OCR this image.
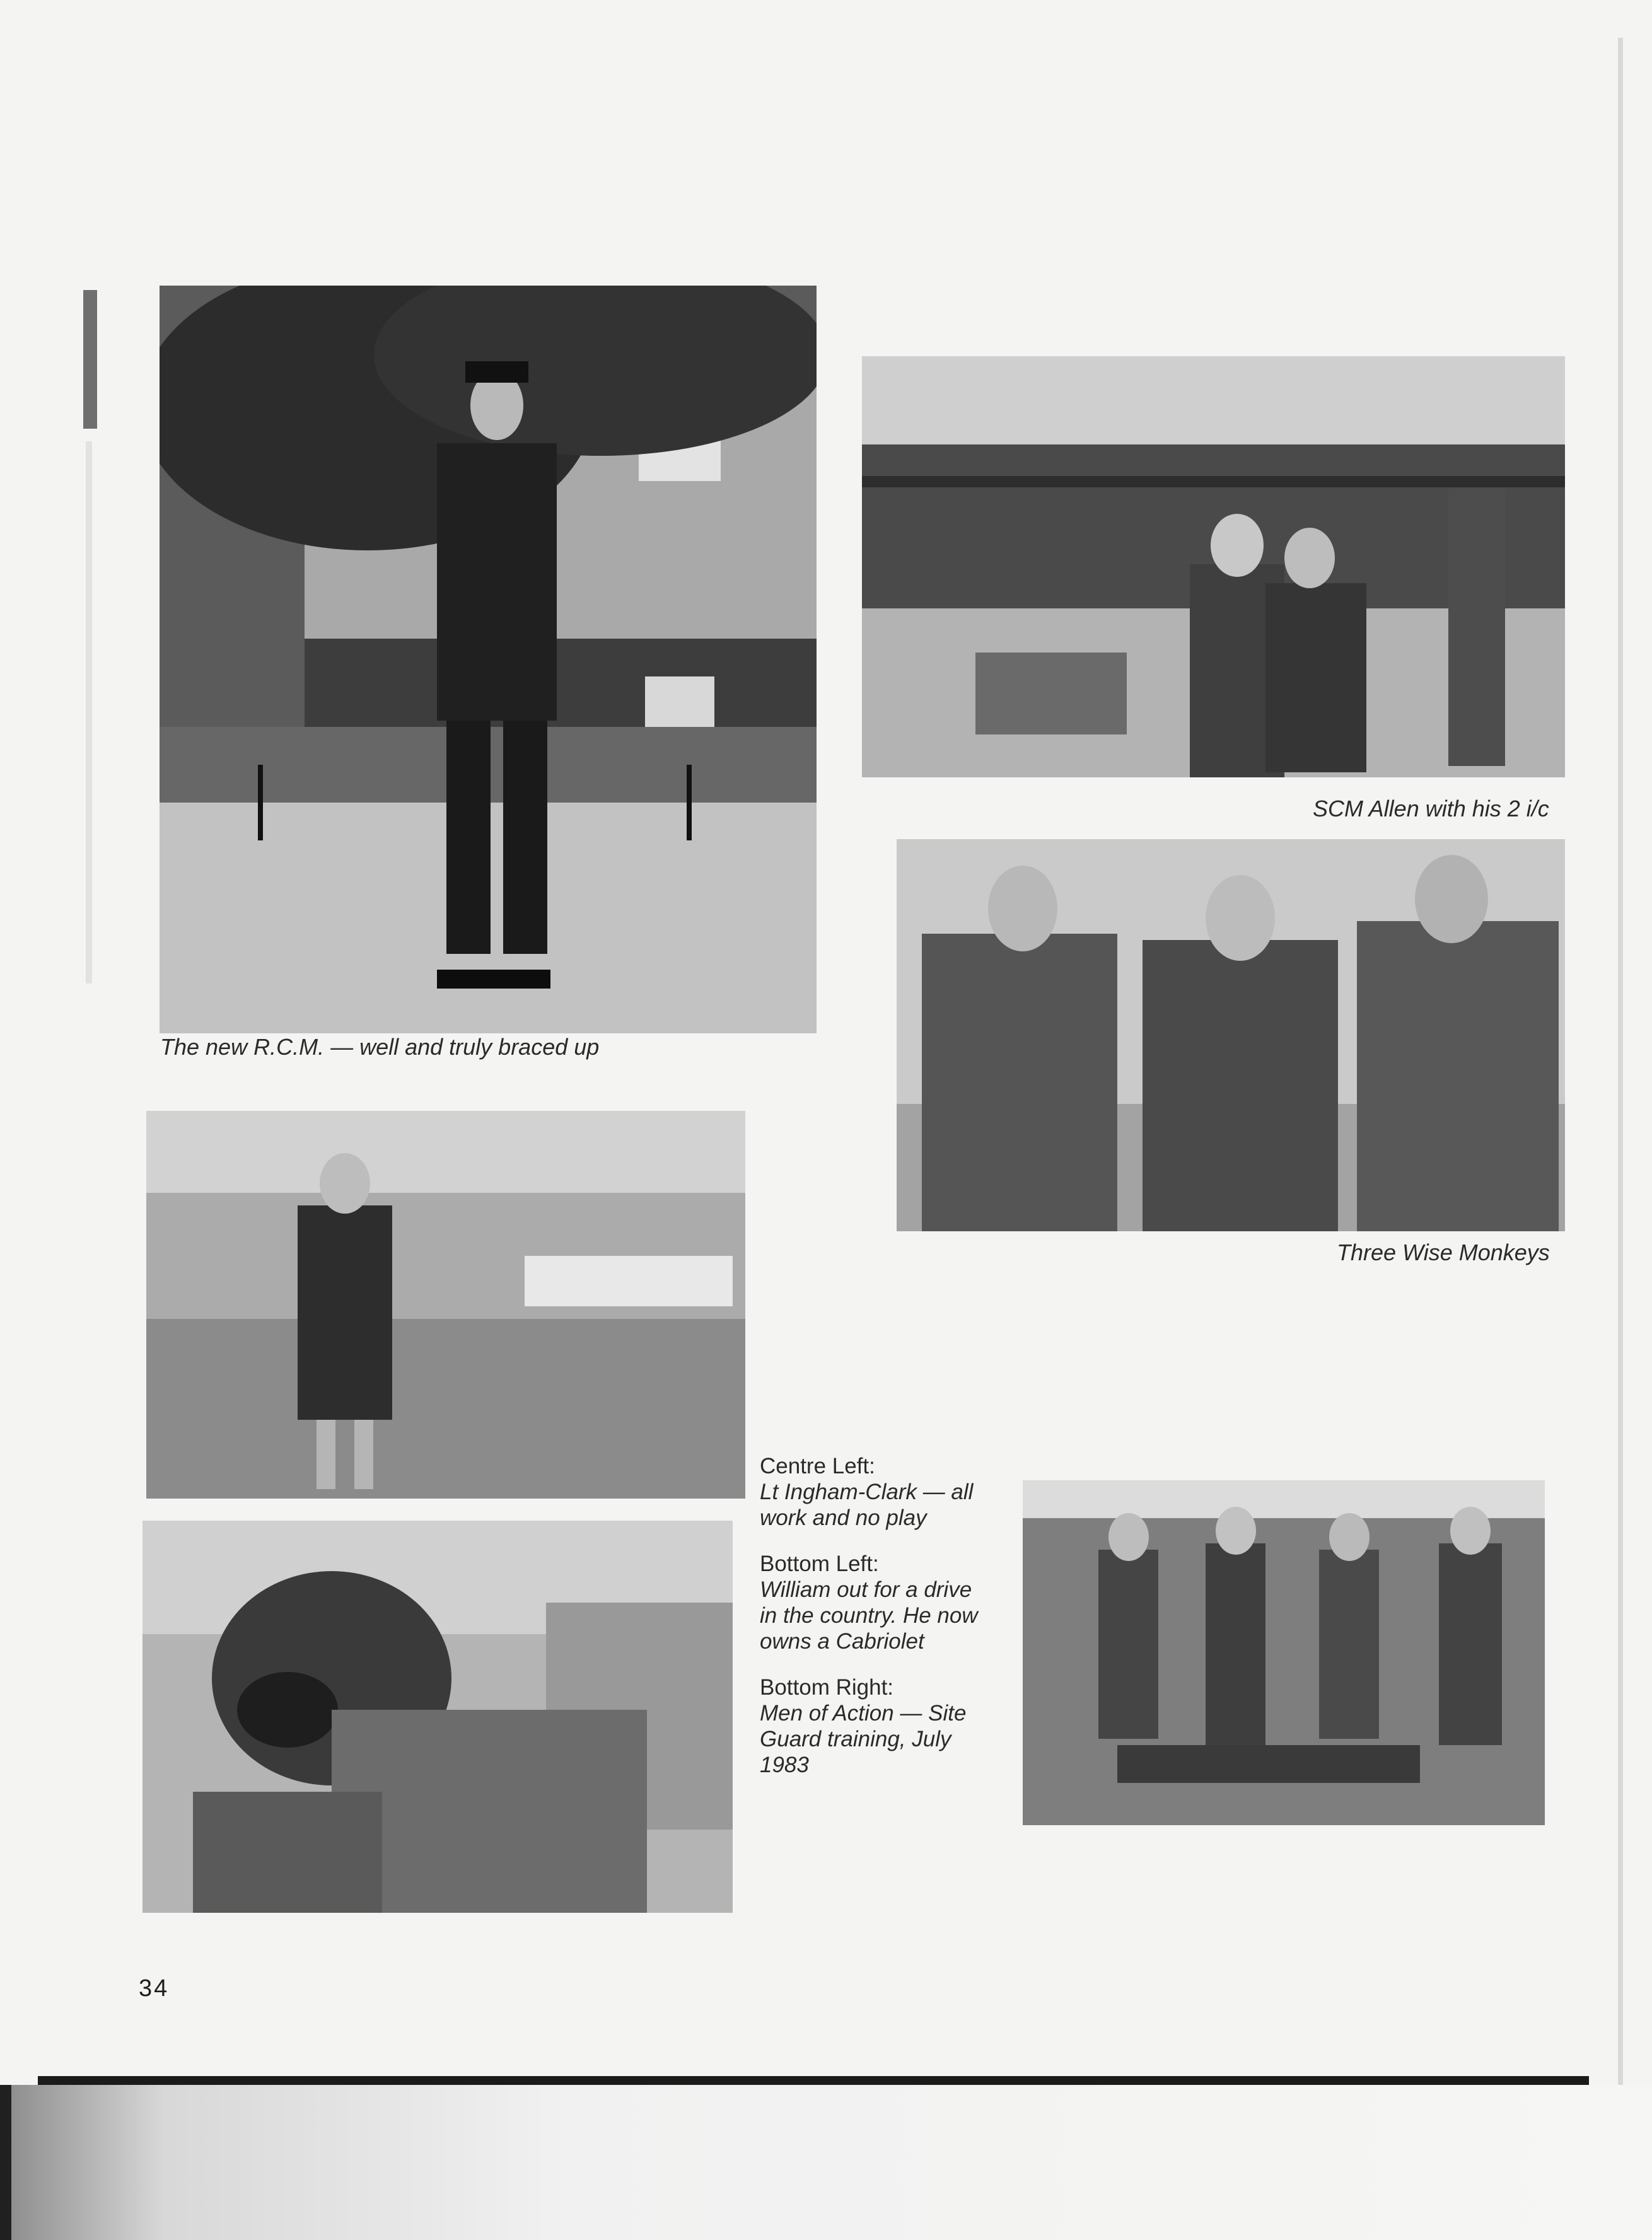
The new R.C.M. — well and truly braced up

SCM Allen with his 2 i/c

Three Wise Monkeys

Centre Left:

Lt Ingham-Clark — all
work and no play

Bottom Left:

William out for a drive
in the country. He now
owns a Cabriolet

Bottom Right:

Men of Action — Site
Guard training, July
1983

34
